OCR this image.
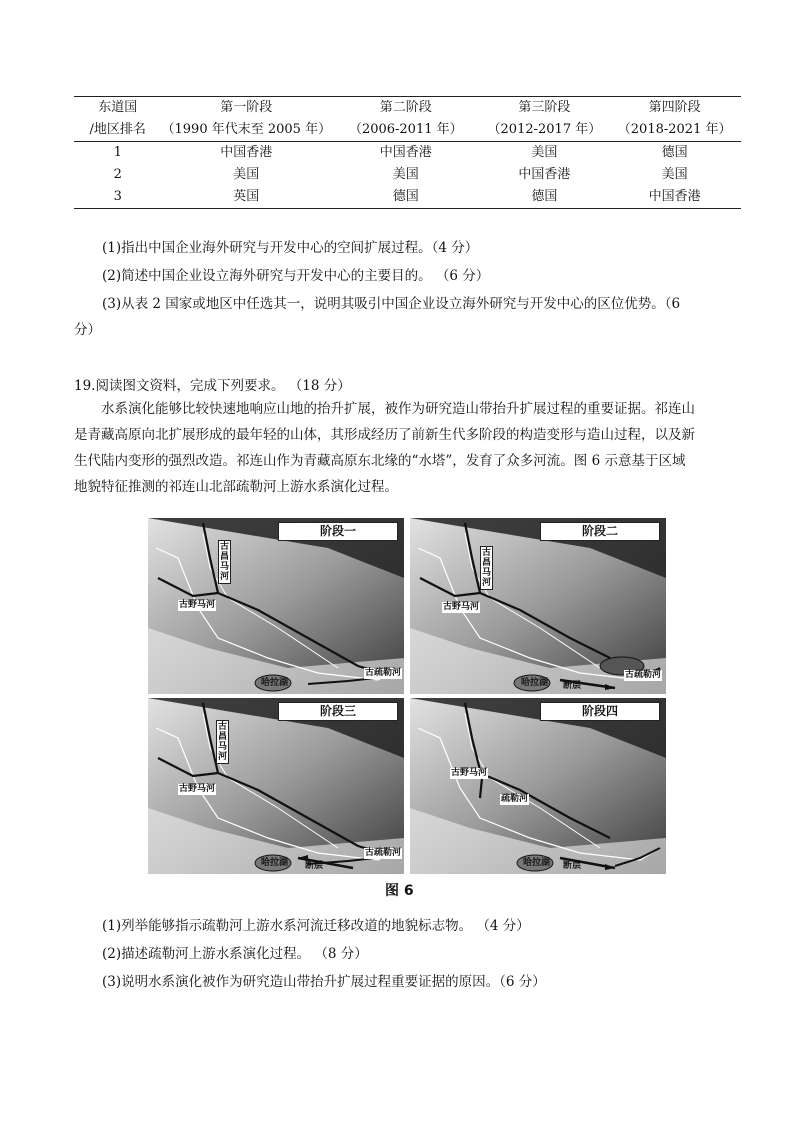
东道国	第一阶段	第二阶段	第三阶段	第四阶段
/地区排名	（1990 年代末至 2005 年）	（2006-2011 年）	（2012-2017 年）	（2018-2021 年）
1	中国香港	中国香港	美国	德国
2	美国	美国	中国香港	美国
3	英国	德国	德国	中国香港
(1)指出中国企业海外研究与开发中心的空间扩展过程。（4 分）
(2)简述中国企业设立海外研究与开发中心的主要目的。 （6 分）
(3)从表 2 国家或地区中任选其一，说明其吸引中国企业设立海外研究与开发中心的区位优势。（6
分）
19.阅读图文资料，完成下列要求。 （18 分）
水系演化能够比较快速地响应山地的抬升扩展，被作为研究造山带抬升扩展过程的重要证据。祁连山
是青藏高原向北扩展形成的最年轻的山体，其形成经历了前新生代多阶段的构造变形与造山过程，以及新
生代陆内变形的强烈改造。祁连山作为青藏高原东北缘的“水塔”，发育了众多河流。图 6 示意基于区域
地貌特征推测的祁连山北部疏勒河上游水系演化过程。
阶段一
古昌马河
古野马河
古疏勒河
哈拉湖
阶段二
古昌马河
古野马河
古疏勒河
哈拉湖 断层
阶段三
古昌马河
古野马河
古疏勒河
哈拉湖 断层
阶段四
古野马河
疏勒河
哈拉湖 断层
图 6
(1)列举能够指示疏勒河上游水系河流迁移改道的地貌标志物。 （4 分）
(2)描述疏勒河上游水系演化过程。 （8 分）
(3)说明水系演化被作为研究造山带抬升扩展过程重要证据的原因。（6 分）
